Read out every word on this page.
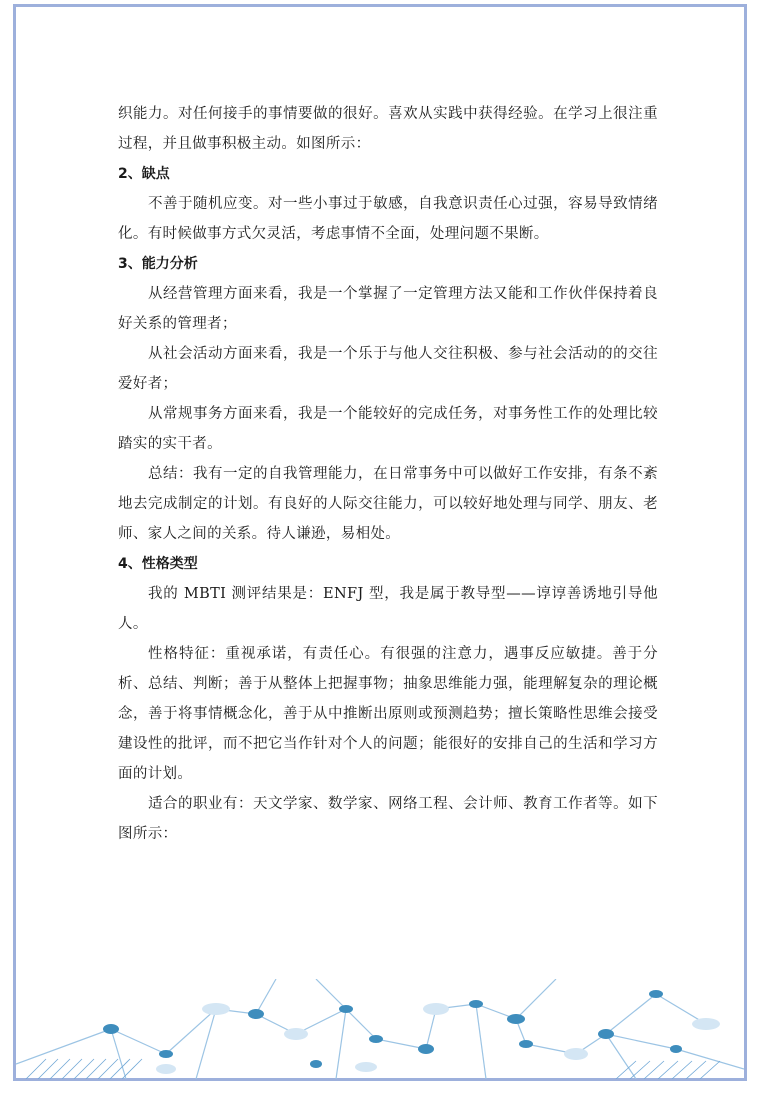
织能力。对任何接手的事情要做的很好。喜欢从实践中获得经验。在学习上很注重过程，并且做事积极主动。如图所示：

2、缺点

不善于随机应变。对一些小事过于敏感，自我意识责任心过强，容易导致情绪化。有时候做事方式欠灵活，考虑事情不全面，处理问题不果断。

3、能力分析

从经营管理方面来看，我是一个掌握了一定管理方法又能和工作伙伴保持着良好关系的管理者；

从社会活动方面来看，我是一个乐于与他人交往积极、参与社会活动的的交往爱好者；

从常规事务方面来看，我是一个能较好的完成任务，对事务性工作的处理比较踏实的实干者。

总结：我有一定的自我管理能力，在日常事务中可以做好工作安排，有条不紊地去完成制定的计划。有良好的人际交往能力，可以较好地处理与同学、朋友、老师、家人之间的关系。待人谦逊，易相处。

4、性格类型

我的 MBTI 测评结果是：ENFJ 型，我是属于教导型——谆谆善诱地引导他人。

性格特征：重视承诺，有责任心。有很强的注意力，遇事反应敏捷。善于分析、总结、判断；善于从整体上把握事物；抽象思维能力强，能理解复杂的理论概念，善于将事情概念化，善于从中推断出原则或预测趋势；擅长策略性思维会接受建设性的批评，而不把它当作针对个人的问题；能很好的安排自己的生活和学习方面的计划。

适合的职业有：天文学家、数学家、网络工程、会计师、教育工作者等。如下图所示：
